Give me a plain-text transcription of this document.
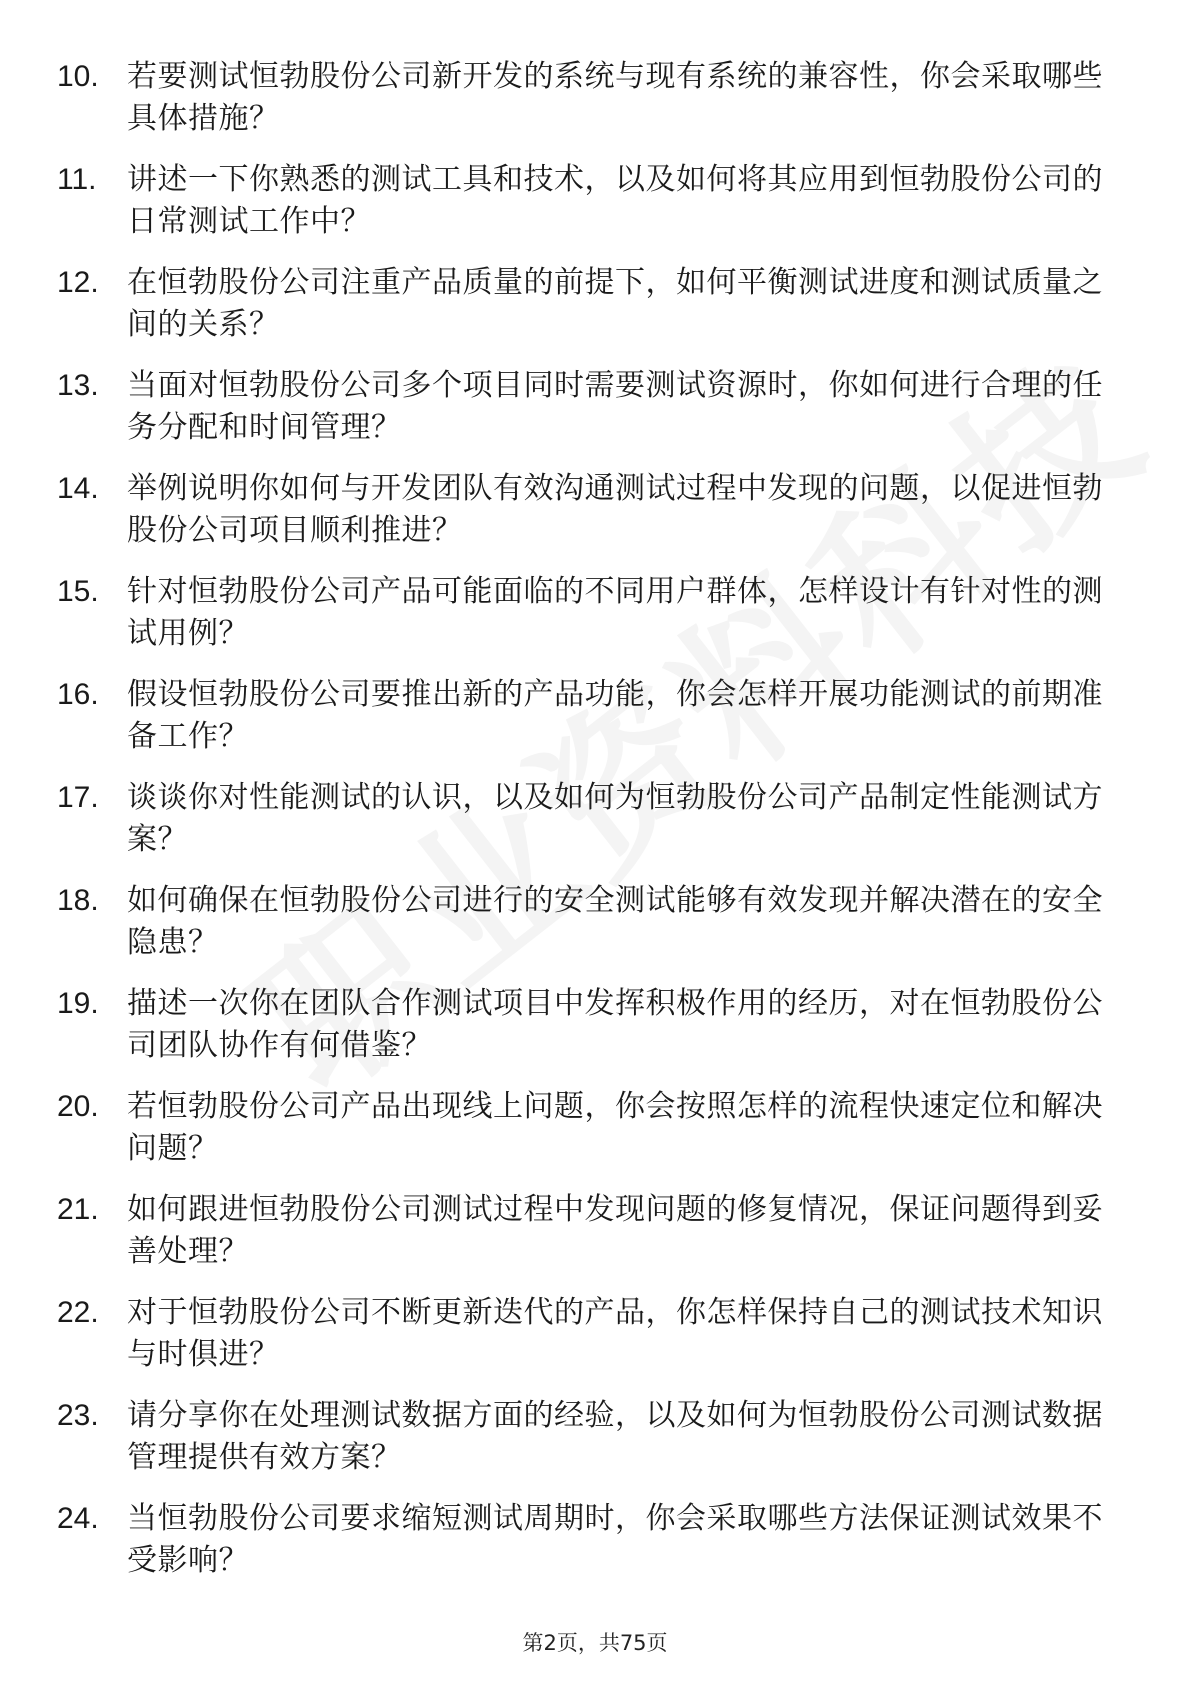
10. 若要测试恒勃股份公司新开发的系统与现有系统的兼容性，你会采取哪些具体措施？
11. 讲述一下你熟悉的测试工具和技术，以及如何将其应用到恒勃股份公司的日常测试工作中？
12. 在恒勃股份公司注重产品质量的前提下，如何平衡测试进度和测试质量之间的关系？
13. 当面对恒勃股份公司多个项目同时需要测试资源时，你如何进行合理的任务分配和时间管理？
14. 举例说明你如何与开发团队有效沟通测试过程中发现的问题，以促进恒勃股份公司项目顺利推进？
15. 针对恒勃股份公司产品可能面临的不同用户群体，怎样设计有针对性的测试用例？
16. 假设恒勃股份公司要推出新的产品功能，你会怎样开展功能测试的前期准备工作？
17. 谈谈你对性能测试的认识，以及如何为恒勃股份公司产品制定性能测试方案？
18. 如何确保在恒勃股份公司进行的安全测试能够有效发现并解决潜在的安全隐患？
19. 描述一次你在团队合作测试项目中发挥积极作用的经历，对在恒勃股份公司团队协作有何借鉴？
20. 若恒勃股份公司产品出现线上问题，你会按照怎样的流程快速定位和解决问题？
21. 如何跟进恒勃股份公司测试过程中发现问题的修复情况，保证问题得到妥善处理？
22. 对于恒勃股份公司不断更新迭代的产品，你怎样保持自己的测试技术知识与时俱进？
23. 请分享你在处理测试数据方面的经验，以及如何为恒勃股份公司测试数据管理提供有效方案？
24. 当恒勃股份公司要求缩短测试周期时，你会采取哪些方法保证测试效果不受影响？
第2页，共75页
